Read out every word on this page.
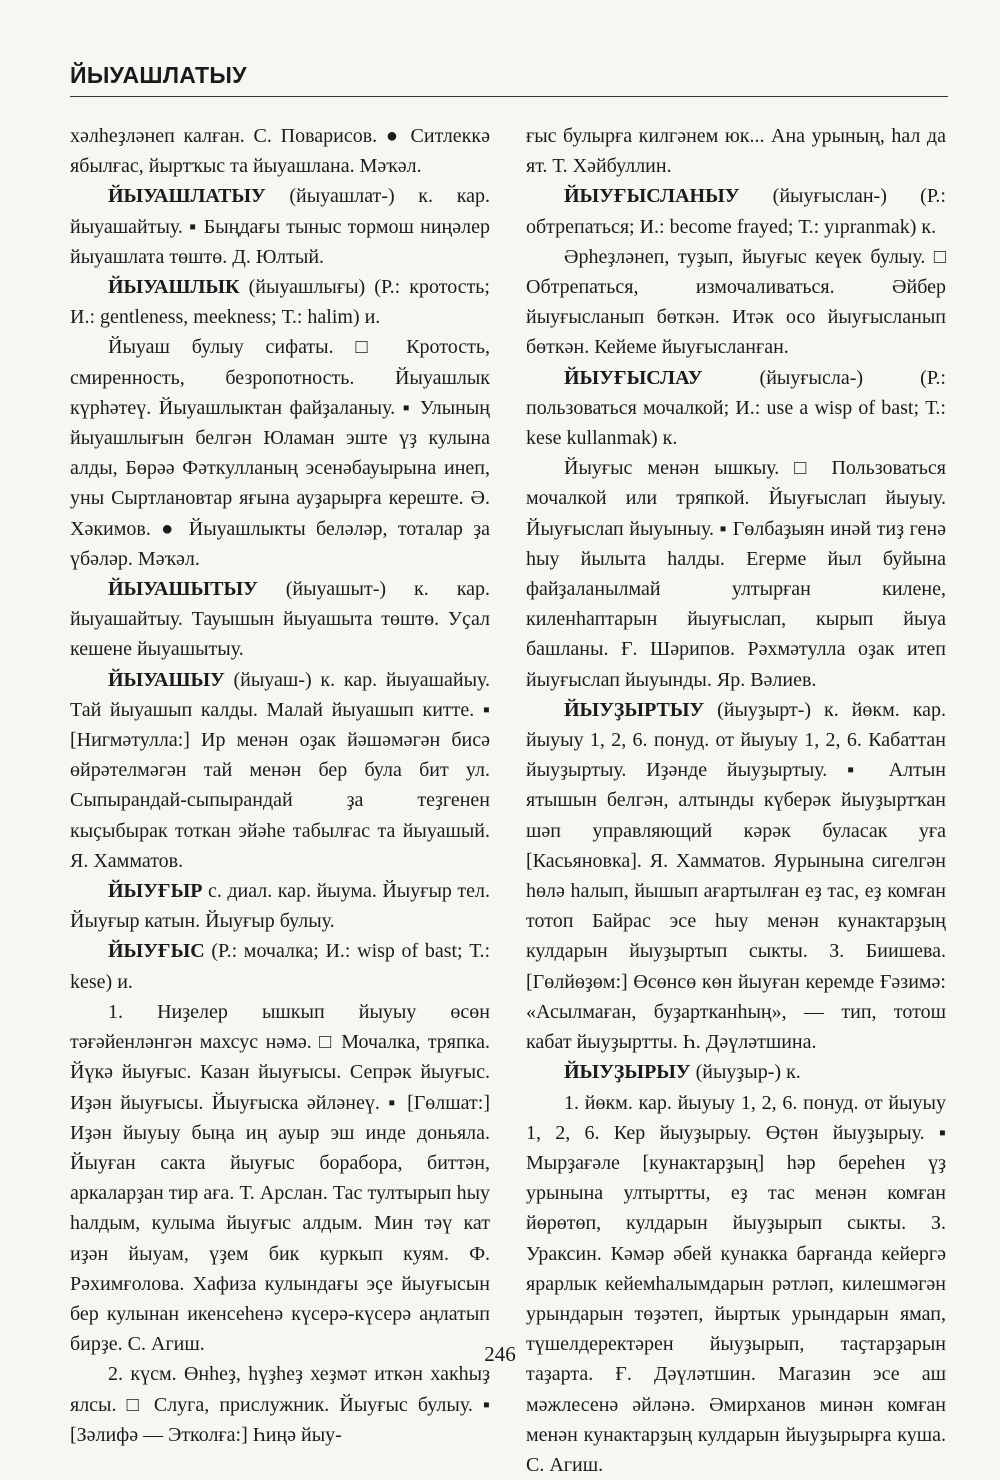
ЙЫУАШЛАТЫУ

хәлһеҙләнеп калған. С. Поварисов. ● Ситлеккә ябылғас, йыртҡыс та йыуашлана. Мәҡәл.

ЙЫУАШЛАТЫУ (йыуашлат-) к. кар. йыуашайтыу. ▪ Быңдағы тыныс тормош ниңәлер йыуашлата төштө. Д. Юлтый.

ЙЫУАШЛЫК (йыуашлығы) (Р.: кротость; И.: gentleness, meekness; Т.: halim) и.

Йыуаш булыу сифаты. □ Кротость, смиренность, безропотность. Йыуашлык күрһәтеү. Йыуашлыктан файҙаланыу. ▪ Улының йыуашлығын белгән Юламан эште үҙ кулына алды, Бөрәә Фәткулланың эсенәбауырына инеп, уны Сыртлановтар яғына ауҙарырға кереште. Ә. Хәкимов. ● Йыуашлыкты беләләр, тоталар ҙа үбәләр. Мәҡәл.

ЙЫУАШЫТЫУ (йыуашыт-) к. кар. йыуашайтыу. Тауышын йыуашыта төштө. Уҫал кешене йыуашытыу.

ЙЫУАШЫУ (йыуаш-) к. кар. йыуашайыу. Тай йыуашып калды. Малай йыуашып китте. ▪ [Нигмәтулла:] Ир менән оҙак йәшәмәгән бисә өйрәтелмәгән тай менән бер була бит ул. Сыпырандай-сыпырандай ҙа теҙгенен кыҫыбырак тоткан эйәһе табылғас та йыуашый. Я. Хамматов.

ЙЫУҒЫР с. диал. кар. йыума. Йыуғыр тел. Йыуғыр катын. Йыуғыр булыу.

ЙЫУҒЫС (Р.: мочалка; И.: wisp of bast; Т.: kese) и.

1. Ниҙелер ышкып йыуыу өсөн тәғәйенләнгән махсус нәмә. □ Мочалка, тряпка. Йүкә йыуғыс. Казан йыуғысы. Сепрәк йыуғыс. Иҙән йыуғысы. Йыуғыска әйләнеү. ▪ [Гөлшат:] Иҙән йыуыу быңа иң ауыр эш инде доньяла. Йыуған сакта йыуғыс борабора, биттән, аркаларҙан тир аға. Т. Арслан. Тас тултырып һыу һалдым, кулыма йыуғыс алдым. Мин тәү кат иҙән йыуам, үҙем бик куркып куям. Ф. Рәхимғолова. Хафиза кулындағы эҫе йыуғысын бер кулынан икенсеһенә күсерә-күсерә аңлатып бирҙе. С. Агиш.

2. күсм. Өнһеҙ, һүҙһеҙ хеҙмәт иткән хакһыҙ ялсы. □ Слуга, прислужник. Йыуғыс булыу. ▪ [Зәлифә — Этколға:] Һиңә йыу-

ғыс булырға килгәнем юк... Ана урының, һал да ят. Т. Хәйбуллин.

ЙЫУҒЫСЛАНЫУ (йыуғыслан-) (Р.: обтрепаться; И.: become frayed; Т.: yıpranmak) к.

Әрһеҙләнеп, туҙып, йыуғыс кеүек булыу. □ Обтрепаться, измочаливаться. Әйбер йыуғысланып бөткән. Итәк осо йыуғысланып бөткән. Кейеме йыуғысланған.

ЙЫУҒЫСЛАУ (йыуғысла-) (Р.: пользоваться мочалкой; И.: use a wisp of bast; Т.: kese kullanmak) к.

Йыуғыс менән ышкыу. □ Пользоваться мочалкой или тряпкой. Йыуғыслап йыуыу. Йыуғыслап йыуыныу. ▪ Гөлбаҙыян инәй тиҙ генә һыу йылыта һалды. Егерме йыл буйына файҙаланылмай ултырған килене, киленһаптарын йыуғыслап, кырып йыуа башланы. Ғ. Шәрипов. Рәхмәтулла оҙак итеп йыуғыслап йыуынды. Яр. Вәлиев.

ЙЫУҘЫРТЫУ (йыуҙырт-) к. йөкм. кар. йыуыу 1, 2, 6. понуд. от йыуыу 1, 2, 6. Кабаттан йыуҙыртыу. Иҙәнде йыуҙыртыу. ▪ Алтын ятышын белгән, алтынды күберәк йыуҙыртҡан шәп управляющий кәрәк буласак уға [Касьяновка]. Я. Хамматов. Яурынына сигелгән һөлә һалып, йышып ағартылған еҙ тас, еҙ комған тотоп Байрас эсе һыу менән кунактарҙың кулдарын йыуҙыртып сыкты. З. Биишева. [Гөлйөҙөм:] Өсөнсө көн йыуған керемде Ғәзимә: «Асылмаған, буҙартканһың», — тип, тотош кабат йыуҙыртты. Һ. Дәүләтшина.

ЙЫУҘЫРЫУ (йыуҙыр-) к.

1. йөкм. кар. йыуыу 1, 2, 6. понуд. от йыуыу 1, 2, 6. Кер йыуҙырыу. Өҫтөн йыуҙырыу. ▪ Мырҙағәле [кунактарҙың] һәр береһен үҙ урынына ултыртты, еҙ тас менән комған йөрөтөп, кулдарын йыуҙырып сыкты. З. Ураксин. Кәмәр әбей кунакка барғанда кейергә ярарлык кейемһалымдарын рәтләп, килешмәгән урындарын төҙәтеп, йыртык урындарын ямап, түшелдеректәрен йыуҙырып, таҫтарҙарын таҙарта. Ғ. Дәүләтшин. Магазин эсе аш мәжлесенә әйләнә. Әмирханов минән комған менән кунактарҙың кулдарын йыуҙырырға куша. С. Агиш.

246
